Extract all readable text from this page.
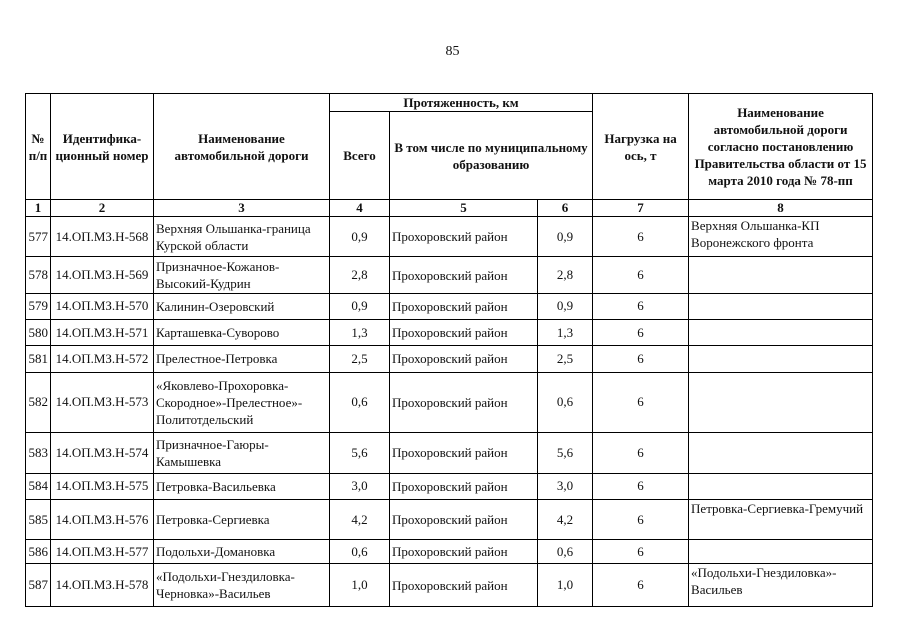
85
№ п/п	Идентифика-ционный номер	Наименование автомобильной дороги	Протяженность, км			Нагрузка на ось, т	Наименование автомобильной дороги согласно постановлению Правительства области от 15 марта 2010 года № 78-пп
			Всего	В том числе по муниципальному образованию			
1	2	3	4	5	6	7	8
577	14.ОП.МЗ.Н-568	Верхняя Ольшанка-граница Курской области	0,9	Прохоровский район	0,9	6	Верхняя Ольшанка-КП Воронежского фронта
578	14.ОП.МЗ.Н-569	Призначное-Кожанов-Высокий-Кудрин	2,8	Прохоровский район	2,8	6	
579	14.ОП.МЗ.Н-570	Калинин-Озеровский	0,9	Прохоровский район	0,9	6	
580	14.ОП.МЗ.Н-571	Карташевка-Суворово	1,3	Прохоровский район	1,3	6	
581	14.ОП.МЗ.Н-572	Прелестное-Петровка	2,5	Прохоровский район	2,5	6	
582	14.ОП.МЗ.Н-573	«Яковлево-Прохоровка-Скородное»-Прелестное»-Политотдельский	0,6	Прохоровский район	0,6	6	
583	14.ОП.МЗ.Н-574	Призначное-Гаюры-Камышевка	5,6	Прохоровский район	5,6	6	
584	14.ОП.МЗ.Н-575	Петровка-Васильевка	3,0	Прохоровский район	3,0	6	
585	14.ОП.МЗ.Н-576	Петровка-Сергиевка	4,2	Прохоровский район	4,2	6	Петровка-Сергиевка-Гремучий
586	14.ОП.МЗ.Н-577	Подольхи-Домановка	0,6	Прохоровский район	0,6	6	
587	14.ОП.МЗ.Н-578	«Подольхи-Гнездиловка-Черновка»-Васильев	1,0	Прохоровский район	1,0	6	«Подольхи-Гнездиловка»-Васильев
